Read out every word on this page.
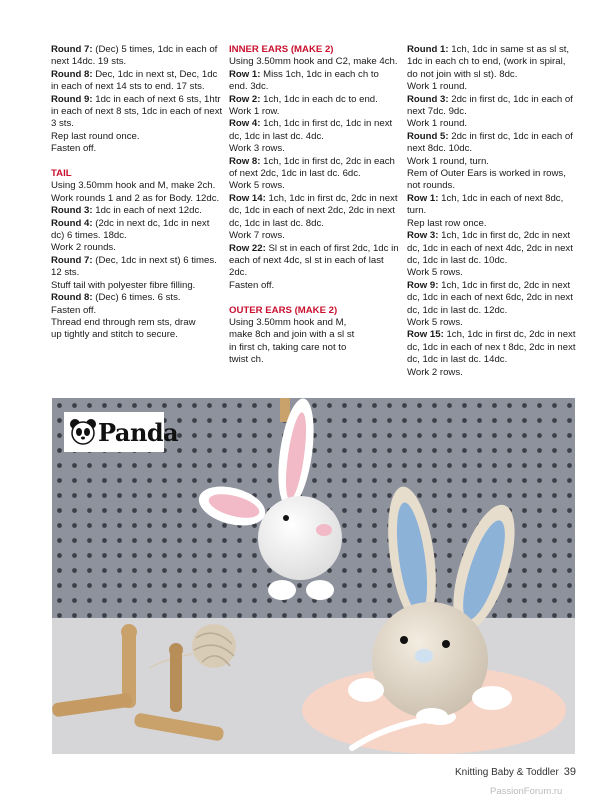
Round 7: (Dec) 5 times, 1dc in each of next 14dc. 19 sts.

Round 8: Dec, 1dc in next st, Dec, 1dc in each of next 14 sts to end. 17 sts.

Round 9: 1dc in each of next 6 sts, 1htr in each of next 8 sts, 1dc in each of next 3 sts.

Rep last round once.

Fasten off.

TAIL

Using 3.50mm hook and M, make 2ch.

Work rounds 1 and 2 as for Body. 12dc.

Round 3: 1dc in each of next 12dc.

Round 4: (2dc in next dc, 1dc in next dc) 6 times. 18dc.

Work 2 rounds.

Round 7: (Dec, 1dc in next st) 6 times. 12 sts.

Stuff tail with polyester fibre filling.

Round 8: (Dec) 6 times. 6 sts.

Fasten off.

Thread end through rem sts, draw up tightly and stitch to secure.

INNER EARS (MAKE 2)

Using 3.50mm hook and C2, make 4ch.

Row 1: Miss 1ch, 1dc in each ch to end. 3dc.

Row 2: 1ch, 1dc in each dc to end.

Work 1 row.

Row 4: 1ch, 1dc in first dc, 1dc in next dc, 1dc in last dc. 4dc.

Work 3 rows.

Row 8: 1ch, 1dc in first dc, 2dc in each of next 2dc, 1dc in last dc. 6dc.

Work 5 rows.

Row 14: 1ch, 1dc in first dc, 2dc in next dc, 1dc in each of next 2dc, 2dc in next dc, 1dc in last dc. 8dc.

Work 7 rows.

Row 22: Sl st in each of first 2dc, 1dc in each of next 4dc, sl st in each of last 2dc.

Fasten off.

OUTER EARS (MAKE 2)

Using 3.50mm hook and M, make 8ch and join with a sl st in first ch, taking care not to twist ch.

Round 1: 1ch, 1dc in same st as sl st, 1dc in each ch to end, (work in spiral, do not join with sl st). 8dc.

Work 1 round.

Round 3: 2dc in first dc, 1dc in each of next 7dc. 9dc.

Work 1 round.

Round 5: 2dc in first dc, 1dc in each of next 8dc. 10dc.

Work 1 round, turn.

Rem of Outer Ears is worked in rows, not rounds.

Row 1: 1ch, 1dc in each of next 8dc, turn.

Rep last row once.

Row 3: 1ch, 1dc in first dc, 2dc in next dc, 1dc in each of next 4dc, 2dc in next dc, 1dc in last dc. 10dc.

Work 5 rows.

Row 9: 1ch, 1dc in first dc, 2dc in next dc, 1dc in each of next 6dc, 2dc in next dc, 1dc in last dc. 12dc.

Work 5 rows.

Row 15: 1ch, 1dc in first dc, 2dc in next dc, 1dc in each of nex t 8dc, 2dc in next dc, 1dc in last dc. 14dc.

Work 2 rows.

Panda
Knitting Baby & Toddler 39
PassionForum.ru
